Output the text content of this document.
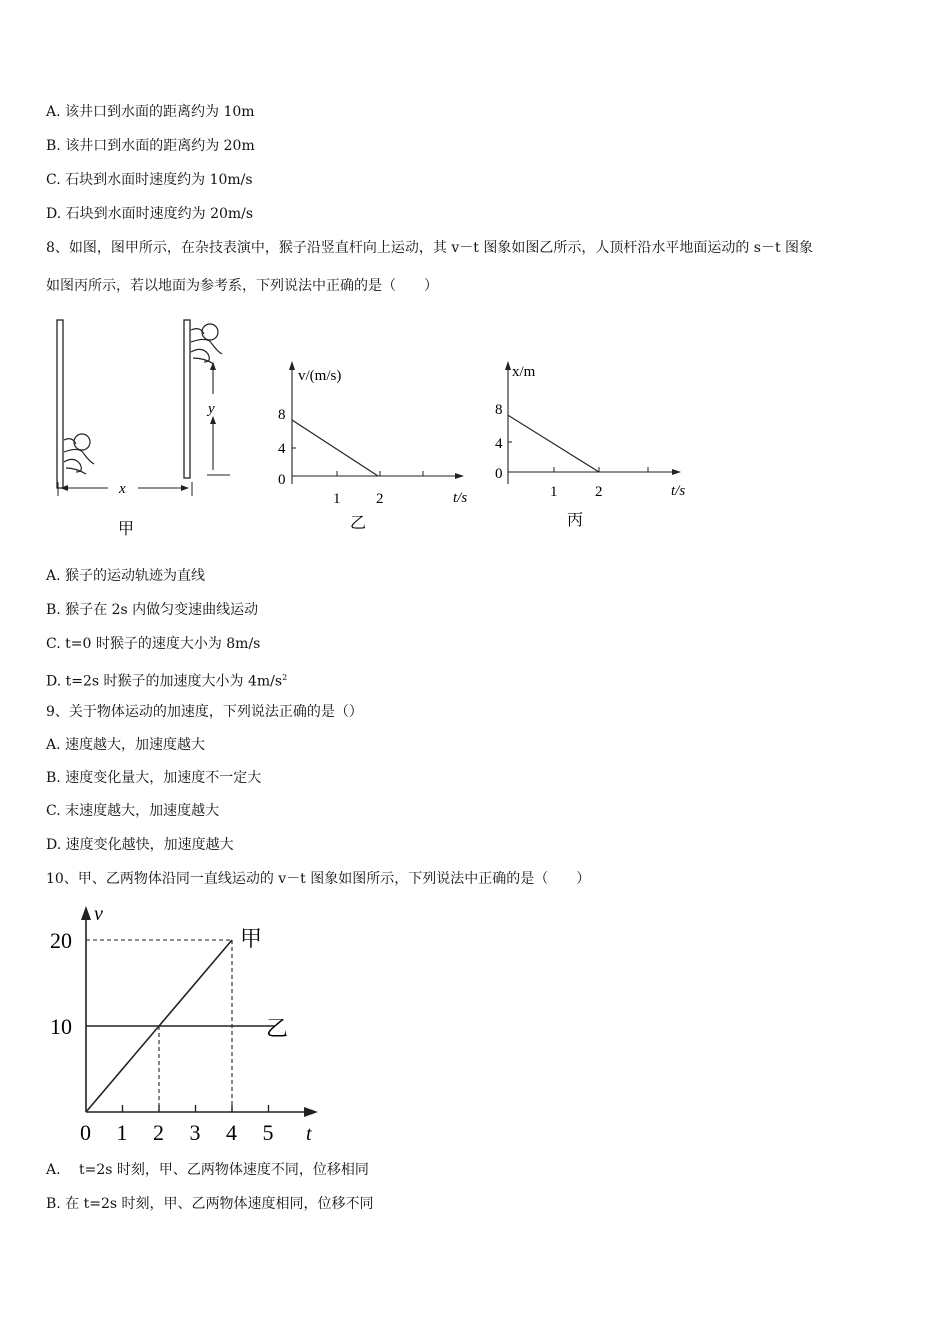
A. 该井口到水面的距离约为 10m
B. 该井口到水面的距离约为 20m
C. 石块到水面时速度约为 10m/s
D. 石块到水面时速度约为 20m/s
8、如图，图甲所示，在杂技表演中，猴子沿竖直杆向上运动，其 v－t 图象如图乙所示，人顶杆沿水平地面运动的 s－t 图象
如图丙所示，若以地面为参考系，下列说法中正确的是（　　）
y
x
甲
v/(m/s)
8
4
0
1 2	t/s
乙
x/m
8
4
0
1	2	t/s
丙
A. 猴子的运动轨迹为直线
B. 猴子在 2s 内做匀变速曲线运动
C. t=0 时猴子的速度大小为 8m/s
D. t=2s 时猴子的加速度大小为 $4m/s^2$
9、关于物体运动的加速度，下列说法正确的是（）
A. 速度越大，加速度越大
B. 速度变化量大，加速度不一定大
C. 末速度越大，加速度越大
D. 速度变化越快，加速度越大
10、甲、乙两物体沿同一直线运动的 v－t 图象如图所示，下列说法中正确的是（　　）
v
t
20
10
0 1 2 3 4 5
甲
乙
A.　 t=2s 时刻，甲、乙两物体速度不同，位移相同
B. 在 t=2s 时刻，甲、乙两物体速度相同，位移不同
